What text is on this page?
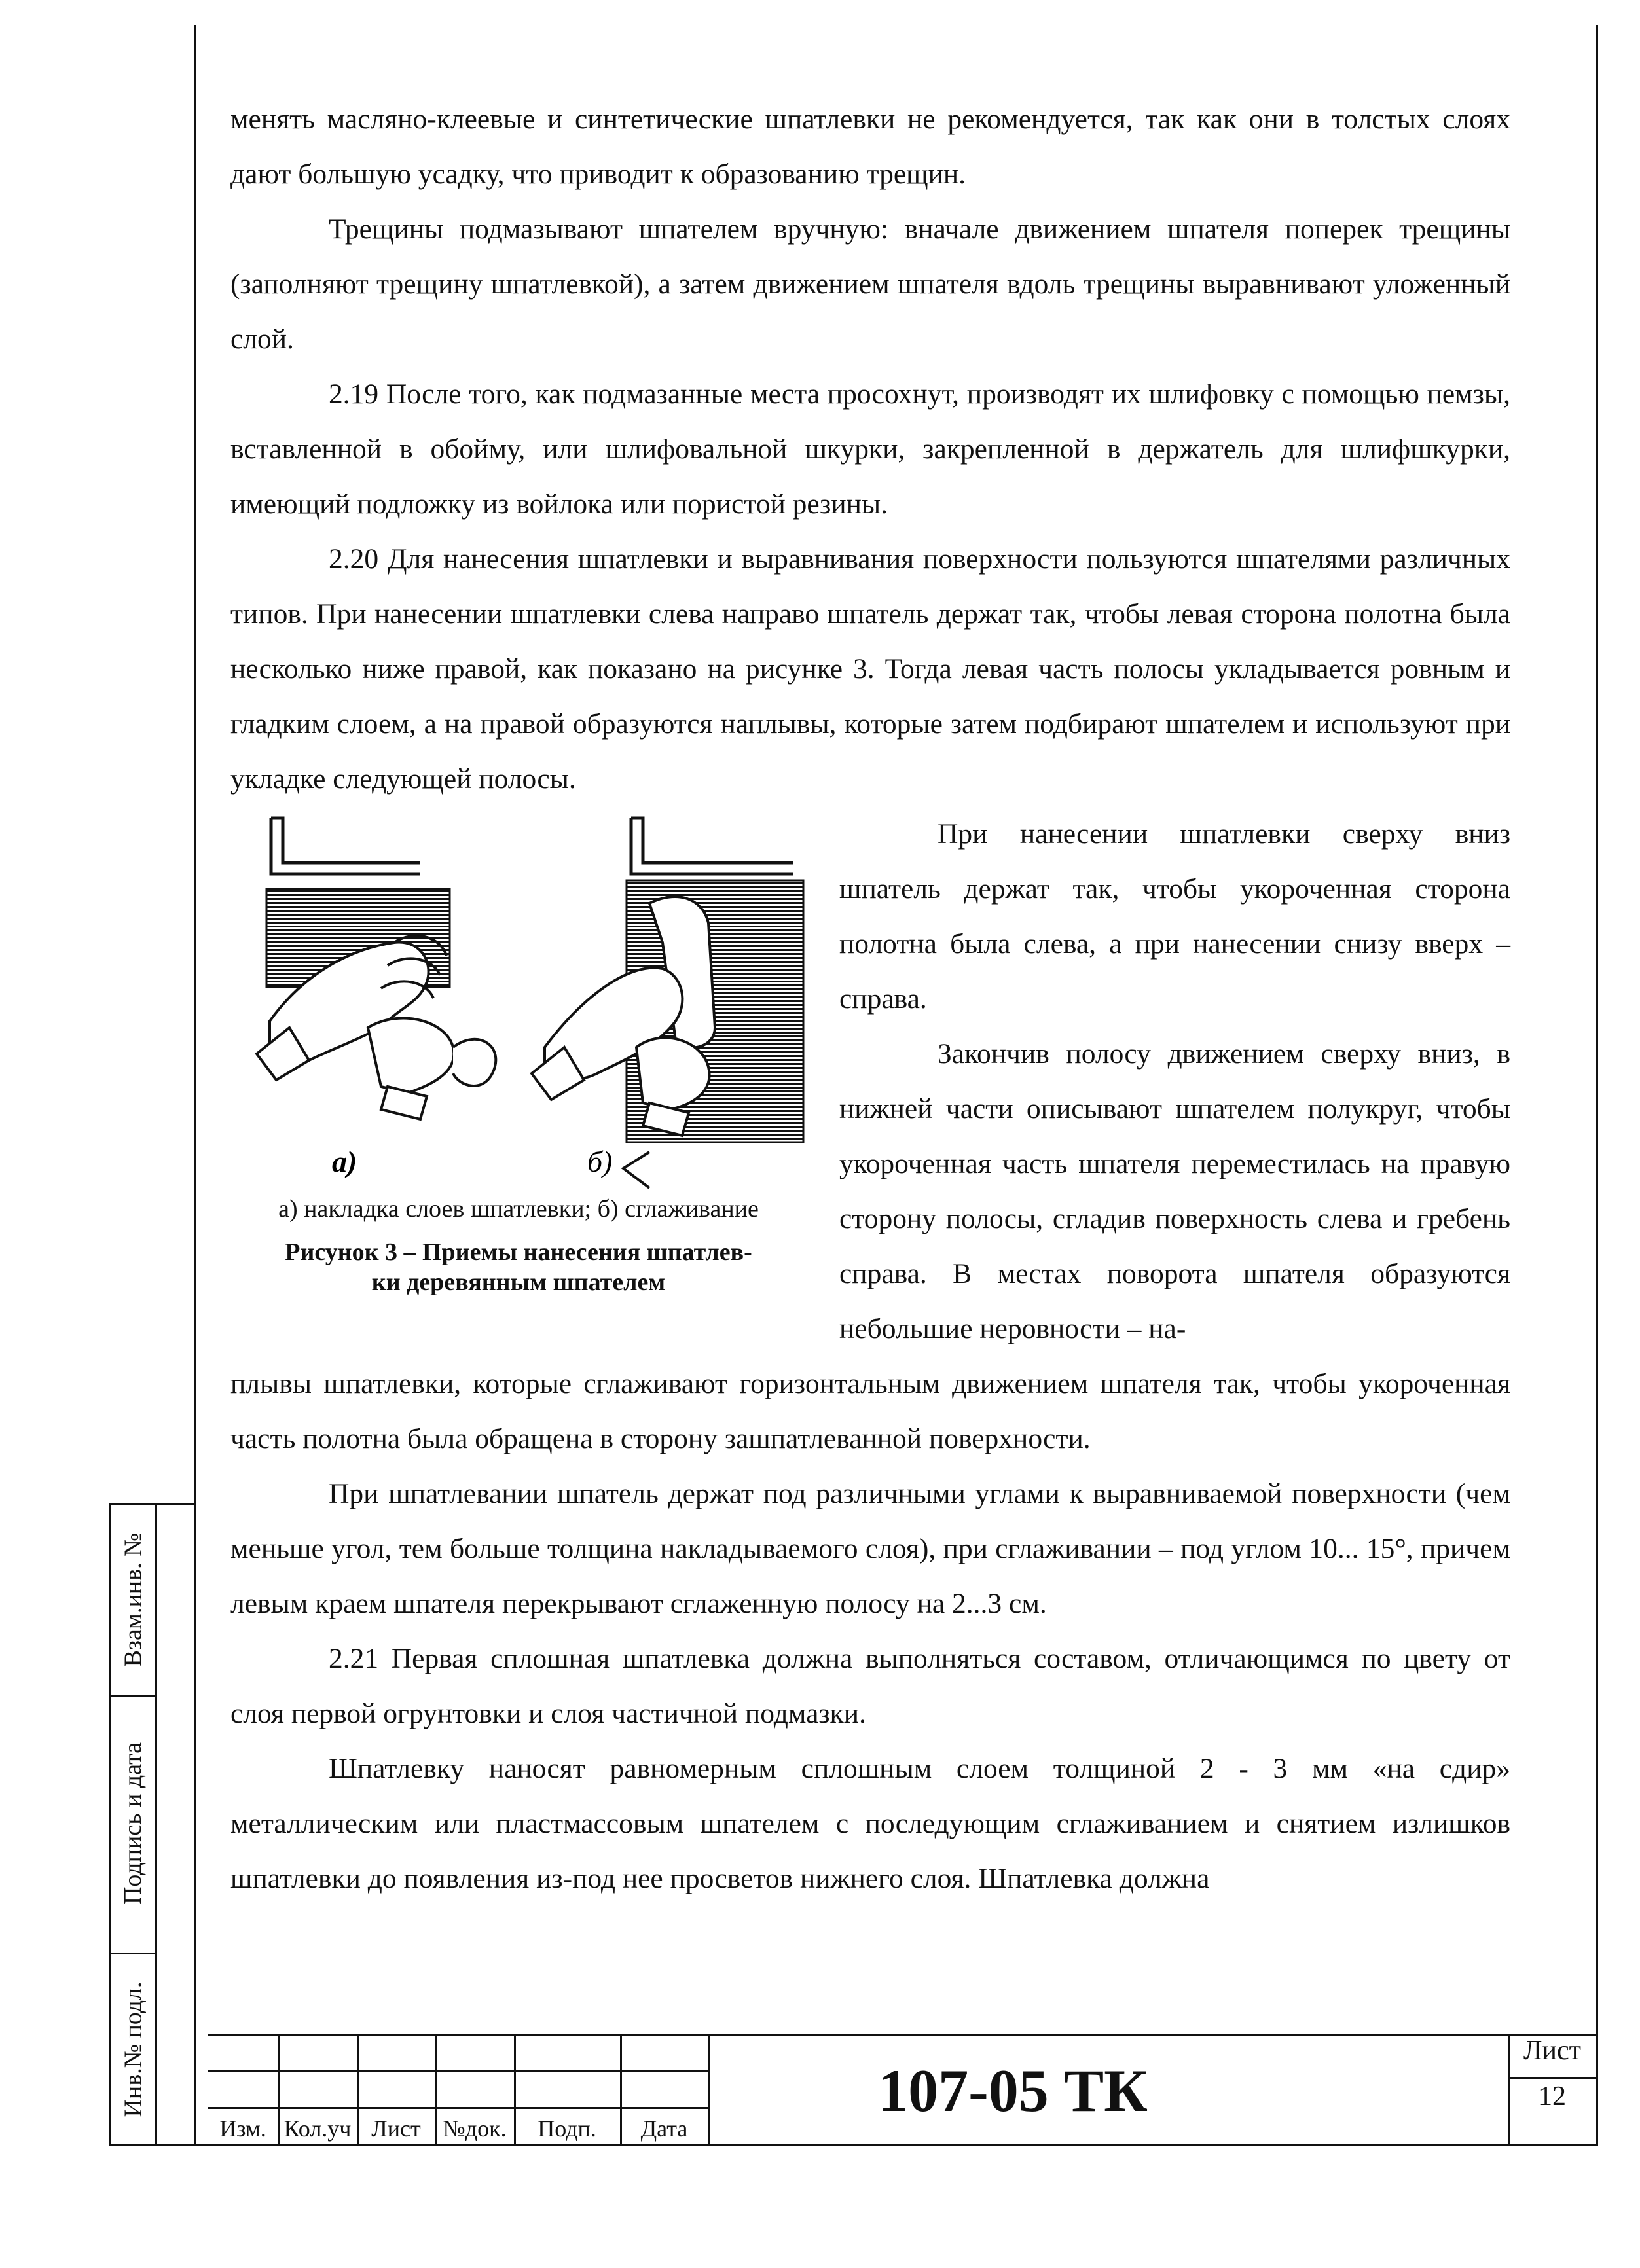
Взам.инв. №
Подпись и дата
Инв.№ подл.

менять масляно-клеевые и синтетические шпатлевки не рекомендуется, так как они в толстых слоях дают большую усадку, что приводит к образованию трещин.

Трещины подмазывают шпателем вручную: вначале движением шпателя поперек трещины (заполняют трещину шпатлевкой), а затем движением шпателя вдоль трещины выравнивают уложенный слой.

2.19 После того, как подмазанные места просохнут, производят их шлифовку с помощью пемзы, вставленной в обойму, или шлифовальной шкурки, закрепленной в держатель для шлифшкурки, имеющий подложку из войлока или пористой резины.

2.20 Для нанесения шпатлевки и выравнивания поверхности пользуются шпателями различных типов. При нанесении шпатлевки слева направо шпатель держат так, чтобы левая сторона полотна была несколько ниже правой, как показано на рисунке 3. Тогда левая часть полосы укладывается ровным и гладким слоем, а на правой образуются наплывы, которые затем подбирают шпателем и используют при укладке следующей полосы.

а)	б)
а) накладка слоев шпатлевки; б) сглаживание
Рисунок 3 – Приемы нанесения шпатлев-
ки деревянным шпателем

При нанесении шпатлевки сверху вниз шпатель держат так, чтобы укороченная сторона полотна была слева, а при нанесении снизу вверх – справа.

Закончив полосу движением сверху вниз, в нижней части описывают шпателем полукруг, чтобы укороченная часть шпателя переместилась на правую сторону полосы, сгладив поверхность слева и гребень справа. В местах поворота шпателя образуются небольшие неровности – на-

плывы шпатлевки, которые сглаживают горизонтальным движением шпателя так, чтобы укороченная часть полотна была обращена в сторону зашпатлеванной поверхности.

При шпатлевании шпатель держат под различными углами к выравниваемой поверхности (чем меньше угол, тем больше толщина накладываемого слоя), при сглаживании – под углом 10... 15°, причем левым краем шпателя перекрывают сглаженную полосу на 2...3 см.

2.21 Первая сплошная шпатлевка должна выполняться составом, отличающимся по цвету от слоя первой огрунтовки и слоя частичной подмазки.

Шпатлевку наносят равномерным сплошным слоем толщиной 2 - 3 мм «на сдир» металлическим или пластмассовым шпателем с последующим сглаживанием и снятием излишков шпатлевки до появления из-под нее просветов нижнего слоя. Шпатлевка должна

Изм. Кол.уч Лист №док.	Подп.	Дата
107-05 ТК
Лист
12
